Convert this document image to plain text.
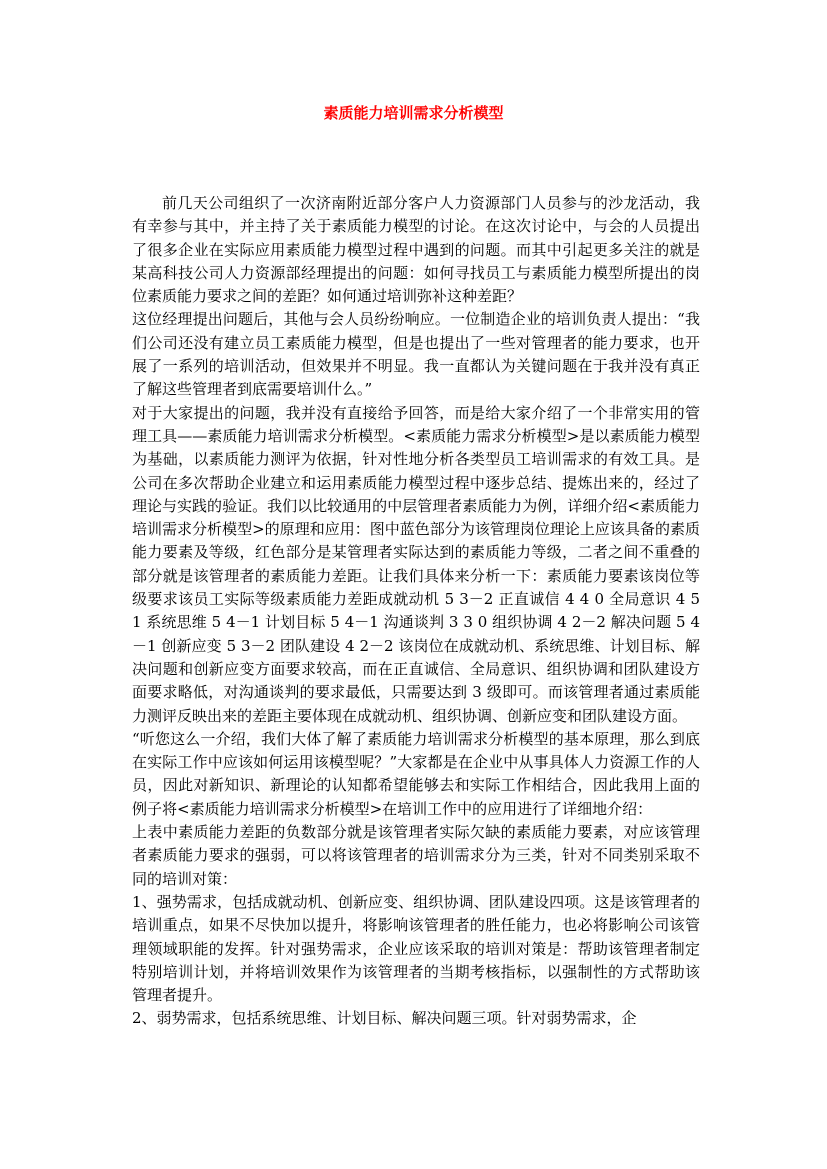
素质能力培训需求分析模型

前几天公司组织了一次济南附近部分客户人力资源部门人员参与的沙龙活动，我有幸参与其中，并主持了关于素质能力模型的讨论。在这次讨论中，与会的人员提出了很多企业在实际应用素质能力模型过程中遇到的问题。而其中引起更多关注的就是某高科技公司人力资源部经理提出的问题：如何寻找员工与素质能力模型所提出的岗位素质能力要求之间的差距？如何通过培训弥补这种差距？

这位经理提出问题后，其他与会人员纷纷响应。一位制造企业的培训负责人提出：“我们公司还没有建立员工素质能力模型，但是也提出了一些对管理者的能力要求，也开展了一系列的培训活动，但效果并不明显。我一直都认为关键问题在于我并没有真正了解这些管理者到底需要培训什么。”

对于大家提出的问题，我并没有直接给予回答，而是给大家介绍了一个非常实用的管理工具——素质能力培训需求分析模型。<素质能力需求分析模型>是以素质能力模型为基础，以素质能力测评为依据，针对性地分析各类型员工培训需求的有效工具。是公司在多次帮助企业建立和运用素质能力模型过程中逐步总结、提炼出来的，经过了理论与实践的验证。我们以比较通用的中层管理者素质能力为例，详细介绍<素质能力培训需求分析模型>的原理和应用：图中蓝色部分为该管理岗位理论上应该具备的素质能力要素及等级，红色部分是某管理者实际达到的素质能力等级，二者之间不重叠的部分就是该管理者的素质能力差距。让我们具体来分析一下：素质能力要素该岗位等级要求该员工实际等级素质能力差距成就动机 5 3－2 正直诚信 4 4 0 全局意识 4 5 1 系统思维 5 4－1 计划目标 5 4－1 沟通谈判 3 3 0 组织协调 4 2－2 解决问题 5 4－1 创新应变 5 3－2 团队建设 4 2－2 该岗位在成就动机、系统思维、计划目标、解决问题和创新应变方面要求较高，而在正直诚信、全局意识、组织协调和团队建设方面要求略低，对沟通谈判的要求最低，只需要达到 3 级即可。而该管理者通过素质能力测评反映出来的差距主要体现在成就动机、组织协调、创新应变和团队建设方面。

“听您这么一介绍，我们大体了解了素质能力培训需求分析模型的基本原理，那么到底在实际工作中应该如何运用该模型呢？”大家都是在企业中从事具体人力资源工作的人员，因此对新知识、新理论的认知都希望能够去和实际工作相结合，因此我用上面的例子将<素质能力培训需求分析模型>在培训工作中的应用进行了详细地介绍：

上表中素质能力差距的负数部分就是该管理者实际欠缺的素质能力要素，对应该管理者素质能力要求的强弱，可以将该管理者的培训需求分为三类，针对不同类别采取不同的培训对策：

1、强势需求，包括成就动机、创新应变、组织协调、团队建设四项。这是该管理者的培训重点，如果不尽快加以提升，将影响该管理者的胜任能力，也必将影响公司该管理领域职能的发挥。针对强势需求，企业应该采取的培训对策是：帮助该管理者制定特别培训计划，并将培训效果作为该管理者的当期考核指标，以强制性的方式帮助该管理者提升。

2、弱势需求，包括系统思维、计划目标、解决问题三项。针对弱势需求，企
